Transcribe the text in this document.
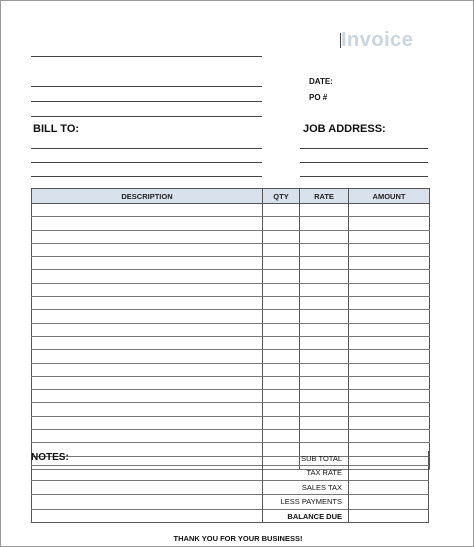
Invoice
DATE:
PO #
BILL TO:	JOB ADDRESS:
DESCRIPTION	QTY	RATE	AMOUNT

NOTES:	SUB TOTAL
TAX RATE
SALES TAX
LESS PAYMENTS
BALANCE DUE
THANK YOU FOR YOUR BUSINESS!
